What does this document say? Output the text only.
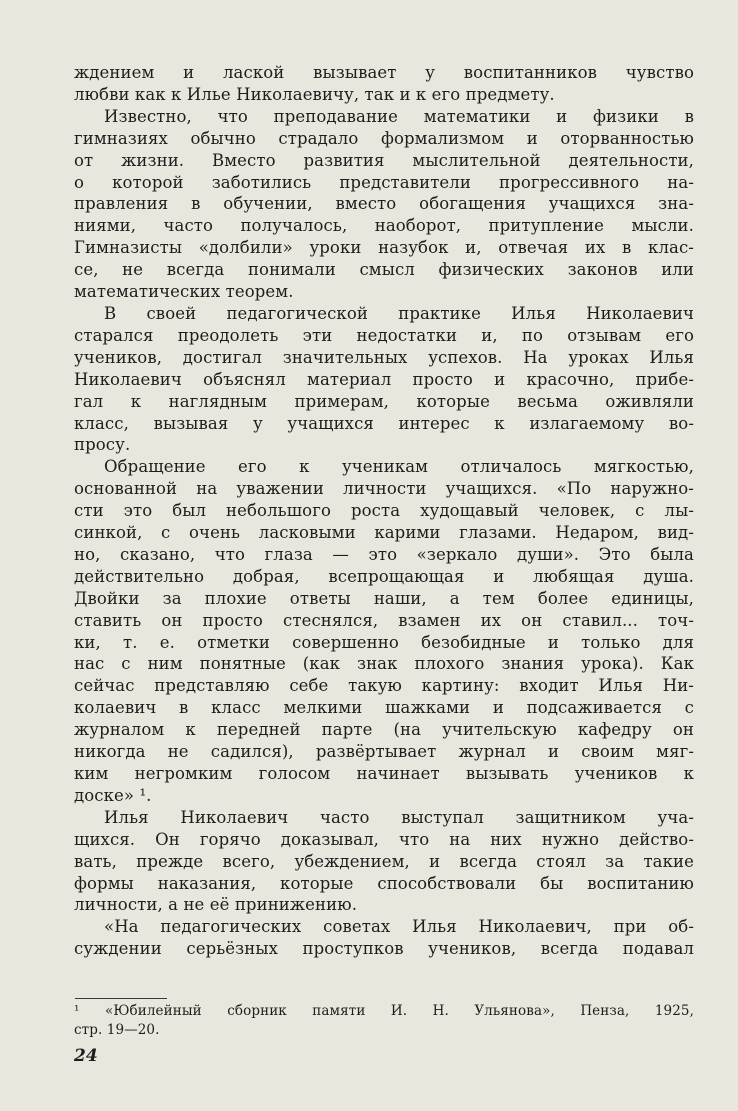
ждением и лаской вызывает у воспитанников чувство
любви как к Илье Николаевичу, так и к его предмету.
Известно, что преподавание математики и физики в
гимназиях обычно страдало формализмом и оторванностью
от жизни. Вместо развития мыслительной деятельности,
о которой заботились представители прогрессивного на-
правления в обучении, вместо обогащения учащихся зна-
ниями, часто получалось, наоборот, притупление мысли.
Гимназисты «долбили» уроки назубок и, отвечая их в клас-
се, не всегда понимали смысл физических законов или
математических теорем.
В своей педагогической практике Илья Николаевич
старался преодолеть эти недостатки и, по отзывам его
учеников, достигал значительных успехов. На уроках Илья
Николаевич объяснял материал просто и красочно, прибе-
гал к наглядным примерам, которые весьма оживляли
класс, вызывая у учащихся интерес к излагаемому во-
просу.
Обращение его к ученикам отличалось мягкостью,
основанной на уважении личности учащихся. «По наружно-
сти это был небольшого роста худощавый человек, с лы-
синкой, с очень ласковыми карими глазами. Недаром, вид-
но, сказано, что глаза — это «зеркало души». Это была
действительно добрая, всепрощающая и любящая душа.
Двойки за плохие ответы наши, а тем более единицы,
ставить он просто стеснялся, взамен их он ставил... точ-
ки, т. е. отметки совершенно безобидные и только для
нас с ним понятные (как знак плохого знания урока). Как
сейчас представляю себе такую картину: входит Илья Ни-
колаевич в класс мелкими шажками и подсаживается с
журналом к передней парте (на учительскую кафедру он
никогда не садился), развёртывает журнал и своим мяг-
ким негромким голосом начинает вызывать учеников к
доске» ¹.
Илья Николаевич часто выступал защитником уча-
щихся. Он горячо доказывал, что на них нужно действо-
вать, прежде всего, убеждением, и всегда стоял за такие
формы наказания, которые способствовали бы воспитанию
личности, а не её принижению.
«На педагогических советах Илья Николаевич, при об-
суждении серьёзных проступков учеников, всегда подавал
¹ «Юбилейный сборник памяти И. Н. Ульянова», Пенза, 1925,
стр. 19—20.
24
